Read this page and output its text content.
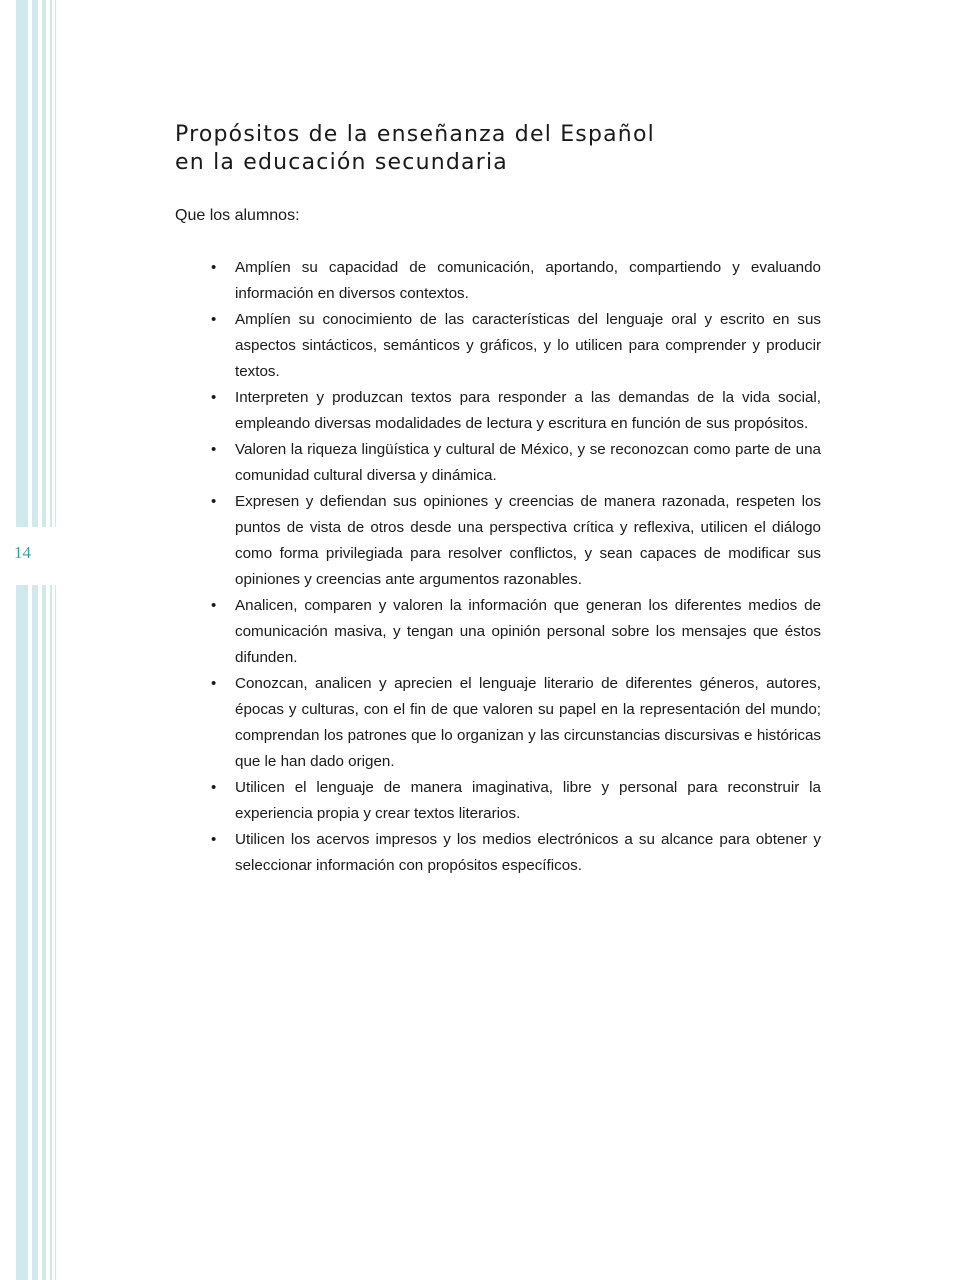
14
Propósitos de la enseñanza del Español
en la educación secundaria

Que los alumnos:

• Amplíen su capacidad de comunicación, aportando, compartiendo y evaluando información en diversos contextos.
• Amplíen su conocimiento de las características del lenguaje oral y escrito en sus aspectos sintácticos, semánticos y gráficos, y lo utilicen para comprender y producir textos.
• Interpreten y produzcan textos para responder a las demandas de la vida social, empleando diversas modalidades de lectura y escritura en función de sus propósitos.
• Valoren la riqueza lingüística y cultural de México, y se reconozcan como parte de una comunidad cultural diversa y dinámica.
• Expresen y defiendan sus opiniones y creencias de manera razonada, respeten los puntos de vista de otros desde una perspectiva crítica y reflexiva, utilicen el diálogo como forma privilegiada para resolver conflictos, y sean capaces de modificar sus opiniones y creencias ante argumentos razonables.
• Analicen, comparen y valoren la información que generan los diferentes medios de comunicación masiva, y tengan una opinión personal sobre los mensajes que éstos difunden.
• Conozcan, analicen y aprecien el lenguaje literario de diferentes géneros, autores, épocas y culturas, con el fin de que valoren su papel en la representación del mundo; comprendan los patrones que lo organizan y las circunstancias discursivas e históricas que le han dado origen.
• Utilicen el lenguaje de manera imaginativa, libre y personal para reconstruir la experiencia propia y crear textos literarios.
• Utilicen los acervos impresos y los medios electrónicos a su alcance para obtener y seleccionar información con propósitos específicos.
